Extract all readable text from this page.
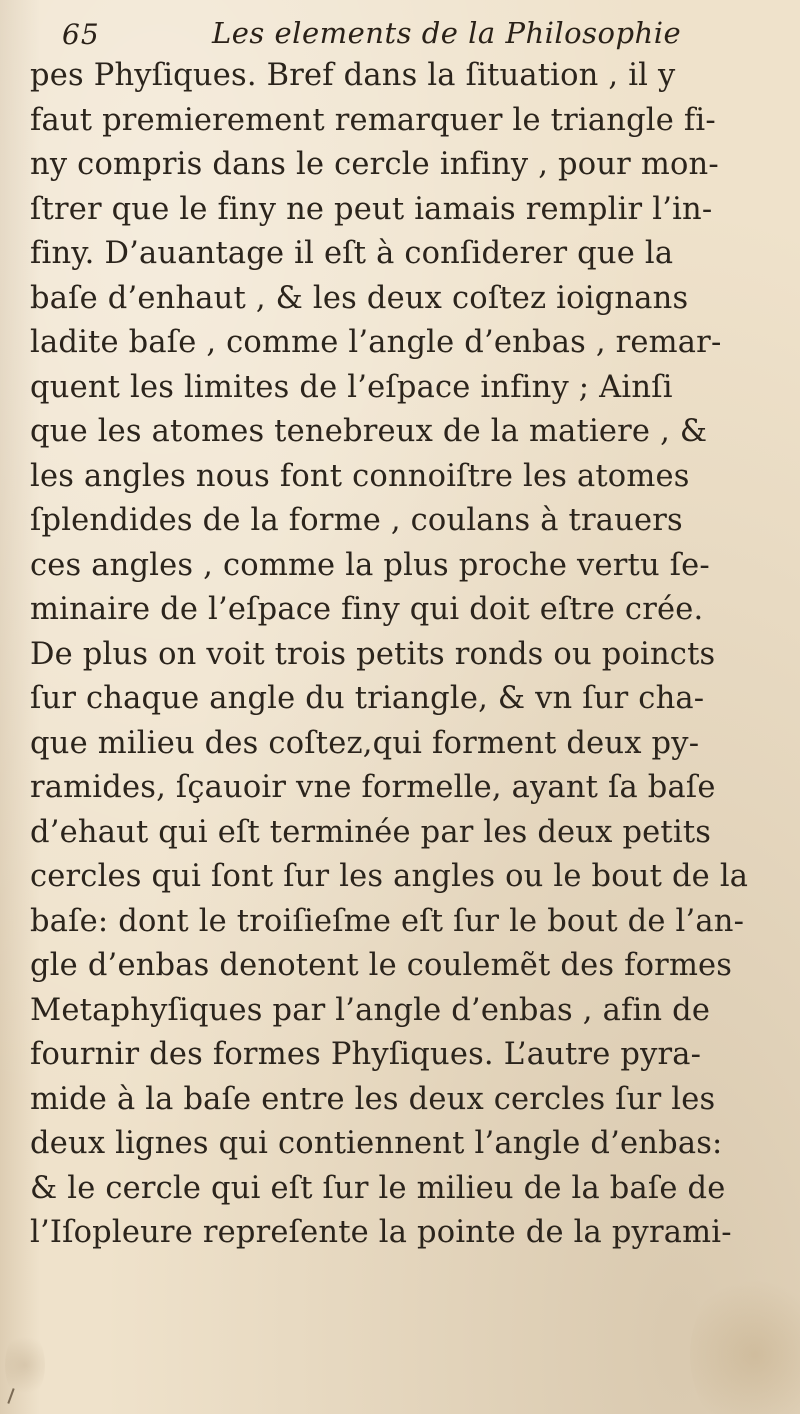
65	Les elements de la Philosophie
pes Phyſiques. Bref dans la ſituation , il y
faut premierement remarquer le triangle fi-
ny compris dans le cercle infiny , pour mon-
ſtrer que le finy ne peut iamais remplir l’in-
finy. D’auantage il eſt à conſiderer que la
baſe d’enhaut , & les deux coſtez ioignans
ladite baſe , comme l’angle d’enbas , remar-
quent les limites de l’eſpace infiny ; Ainſi
que les atomes tenebreux de la matiere , &
les angles nous font connoiſtre les atomes
ſplendides de la forme , coulans à trauers
ces angles , comme la plus proche vertu ſe-
minaire de l’eſpace finy qui doit eſtre crée.
De plus on voit trois petits ronds ou poincts
ſur chaque angle du triangle, & vn ſur cha-
que milieu des coſtez,qui forment deux py-
ramides, ſçauoir vne formelle, ayant ſa baſe
d’ehaut qui eſt terminée par les deux petits
cercles qui ſont ſur les angles ou le bout de la
baſe: dont le troiſieſme eſt ſur le bout de l’an-
gle d’enbas denotent le coulemẽt des formes
Metaphyſiques par l’angle d’enbas , afin de
fournir des formes Phyſiques. L’autre pyra-
mide à la baſe entre les deux cercles ſur les
deux lignes qui contiennent l’angle d’enbas:
& le cercle qui eſt ſur le milieu de la baſe de
l’Iſopleure repreſente la pointe de la pyrami-
